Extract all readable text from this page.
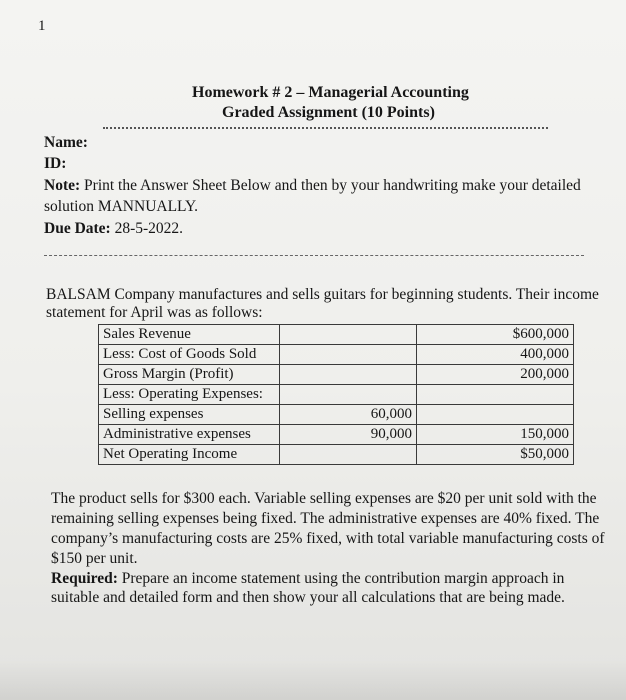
1
Homework # 2 – Managerial Accounting
Graded Assignment (10 Points)
Name:
ID:
Note: Print the Answer Sheet Below and then by your handwriting make your detailed
solution MANNUALLY.
Due Date: 28-5-2022.
BALSAM Company manufactures and sells guitars for beginning students. Their income
statement for April was as follows:
Sales Revenue		$600,000
Less: Cost of Goods Sold		400,000
Gross Margin (Profit)		200,000
Less: Operating Expenses:		
Selling expenses	60,000	
Administrative expenses	90,000	150,000
Net Operating Income		$50,000
The product sells for $300 each. Variable selling expenses are $20 per unit sold with the
remaining selling expenses being fixed. The administrative expenses are 40% fixed. The
company’s manufacturing costs are 25% fixed, with total variable manufacturing costs of
$150 per unit.
Required: Prepare an income statement using the contribution margin approach in
suitable and detailed form and then show your all calculations that are being made.
